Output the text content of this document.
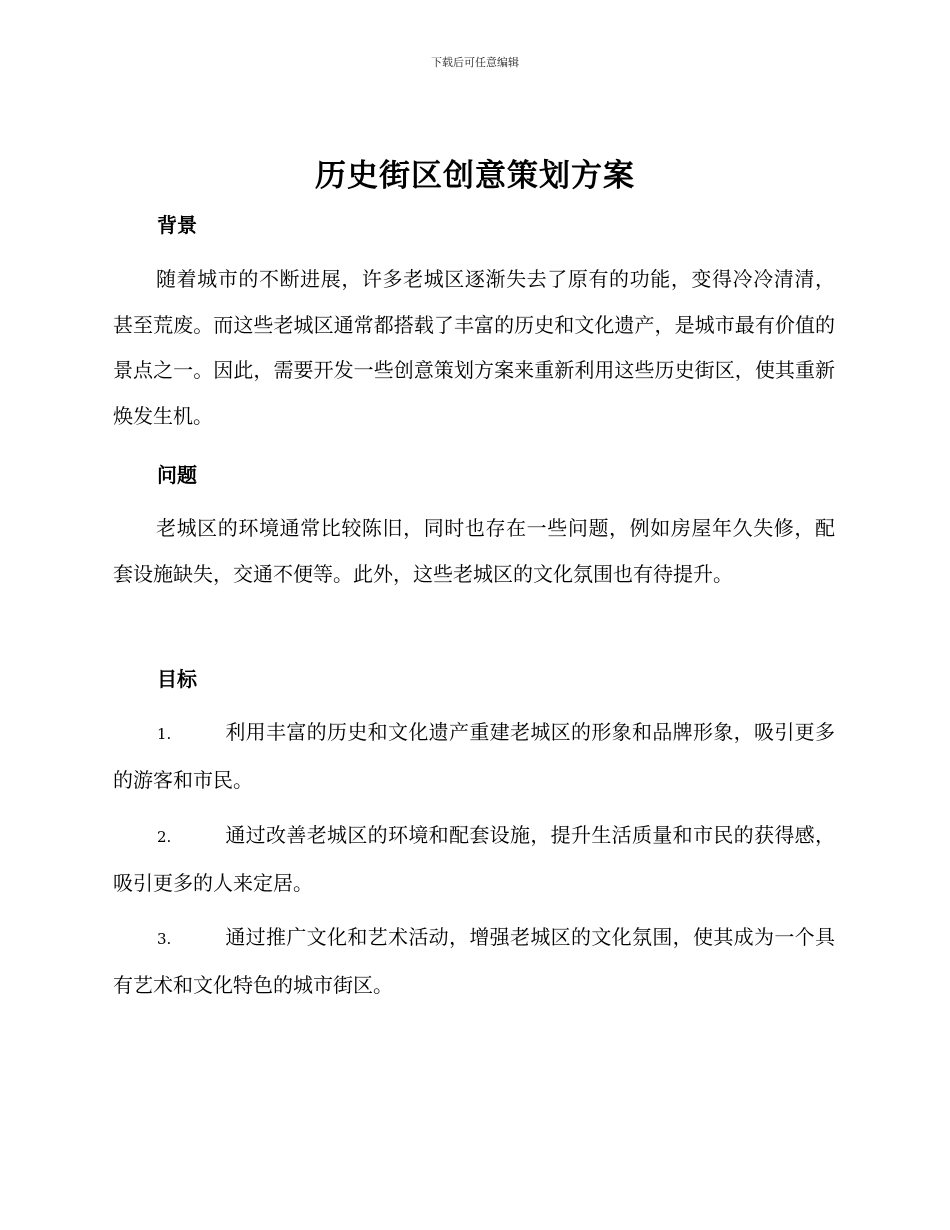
下载后可任意编辑
历史街区创意策划方案
背景
随着城市的不断进展，许多老城区逐渐失去了原有的功能，变得冷冷清清，甚至荒废。而这些老城区通常都搭载了丰富的历史和文化遗产，是城市最有价值的景点之一。因此，需要开发一些创意策划方案来重新利用这些历史街区，使其重新焕发生机。
问题
老城区的环境通常比较陈旧，同时也存在一些问题，例如房屋年久失修，配套设施缺失，交通不便等。此外，这些老城区的文化氛围也有待提升。
目标
1.	利用丰富的历史和文化遗产重建老城区的形象和品牌形象，吸引更多的游客和市民。
2.	通过改善老城区的环境和配套设施，提升生活质量和市民的获得感，吸引更多的人来定居。
3.	通过推广文化和艺术活动，增强老城区的文化氛围，使其成为一个具有艺术和文化特色的城市街区。
